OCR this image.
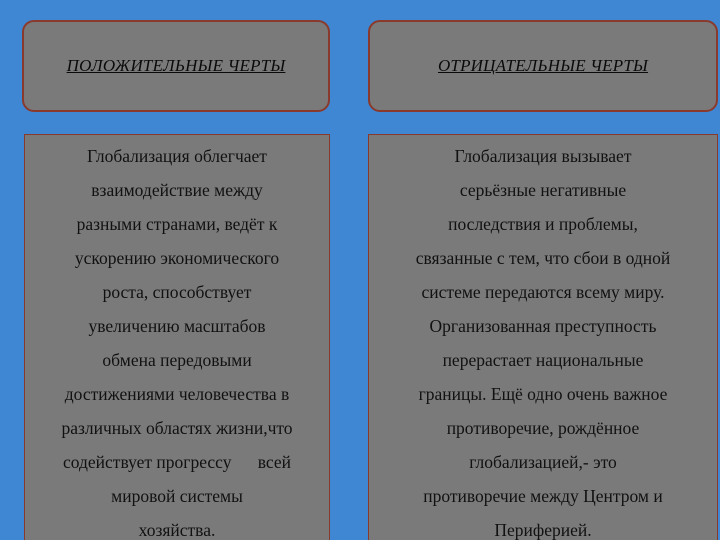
ПОЛОЖИТЕЛЬНЫЕ ЧЕРТЫ	ОТРИЦАТЕЛЬНЫЕ ЧЕРТЫ
Глобализация облегчает
взаимодействие между
разными странами, ведёт к
ускорению экономического
роста, способствует
увеличению масштабов
обмена передовыми
достижениями человечества в
различных областях жизни,что
содействует прогрессу      всей
мировой системы
хозяйства.
Глобализация вызывает
серьёзные негативные
последствия и проблемы,
связанные с тем, что сбои в одной
системе передаются всему миру.
Организованная преступность
перерастает национальные
границы. Ещё одно очень важное
противоречие, рождённое
глобализацией,- это
противоречие между Центром и
Периферией.
